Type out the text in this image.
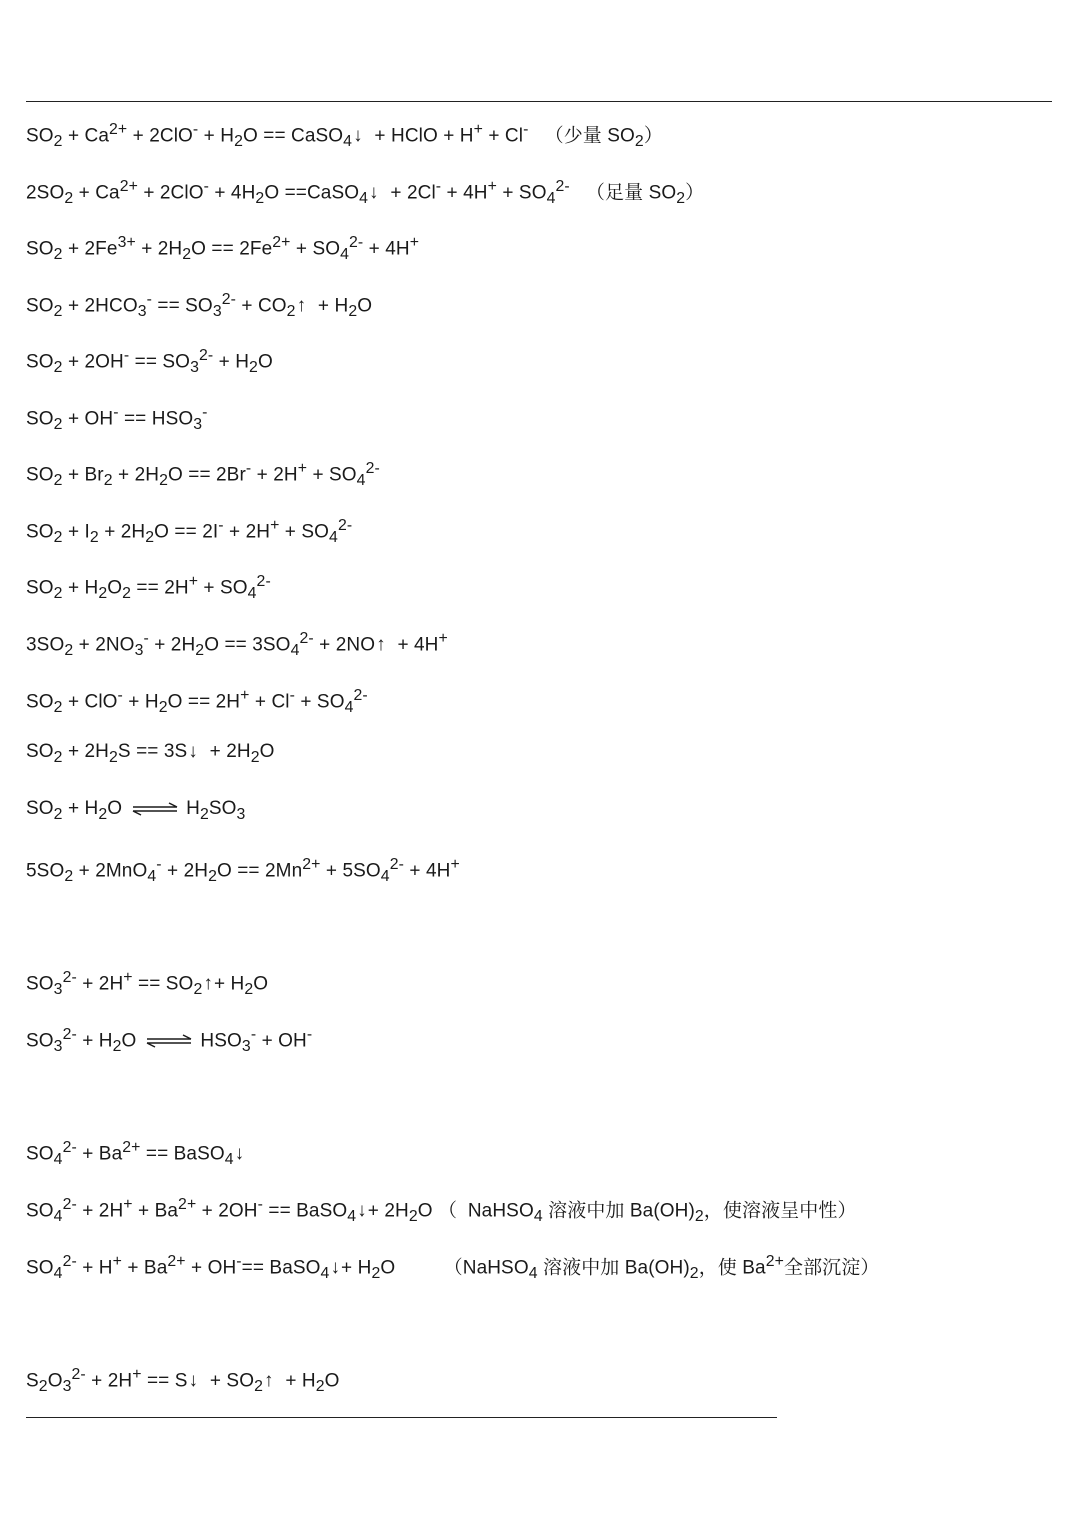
$SO_2 + Ca^{2+} + 2ClO^- + H_2O$ == CaSO$_4$↓  + HClO + H+ + Cl-   （少量 $SO_2$）
$2SO_2 + Ca^{2+} + 2ClO^- + 4H_2O$ ==CaSO$_4$↓  + $2Cl^- + 4H^+ + SO_4^{2-}$   （足量 $SO_2$）
$SO_2 + 2Fe^{3+} + 2H_2O == 2Fe^{2+} + SO_4^{2-} + 4H^+$
$SO_2 + 2HCO_3^- == SO_3^{2-}$ + $CO_2↑ + H_2O$
$SO_2 + 2OH^- == SO_3^{2-} + H_2O$
$SO_2 + OH^- == HSO_3^-$
$SO_2 + Br_2 + 2H_2O == 2Br^- + 2H^+ + SO_4^{2-}$
$SO_2 + I_2 + 2H_2O == 2I^- + 2H^+ + SO_4^{2-}$
$SO_2 + H_2O_2 == 2H^+ + SO_4^{2-}$
$3SO_2 + 2NO_3^- + 2H_2O == 3SO_4^{2-}$ + 2NO↑  + 4H+
$SO_2 + ClO^- + H_2O == 2H^+ + Cl^- + SO_4^{2-}$
$SO_2 + 2H_2S$ == 3S↓  + $2H_2O$
$SO_2 + H_2O$ ⇌ $H_2SO_3$
$5SO_2 + 2MnO_4^- + 2H_2O == 2Mn^{2+} + 5SO_4^{2-} + 4H^+$
$SO_3^{2-} + 2H^+$ == $SO_2↑+ H_2O$
$SO_3^{2-} + H_2O$ ⇌ $HSO_3^- + OH^-$
$SO_4^{2-} + Ba^{2+}$ == BaSO$_4$↓
$SO_4^{2-} + 2H^+ + Ba^{2+} + 2OH^-$ == BaSO$_4$↓+ $2H_2O$ （  NaHSO$_4$ 溶液中加 $Ba(OH)_2$，使溶液呈中性）
$SO_4^{2-} + H^+ + Ba^{2+} + OH^-==$ BaSO$_4$↓+ $H_2O$         （NaHSO$_4$ 溶液中加 $Ba(OH)_2$，使 $Ba^{2+}$全部沉淀）
$S_2O_3^{2-} + 2H^+$ == S↓  + $SO_2↑ + H_2O$
